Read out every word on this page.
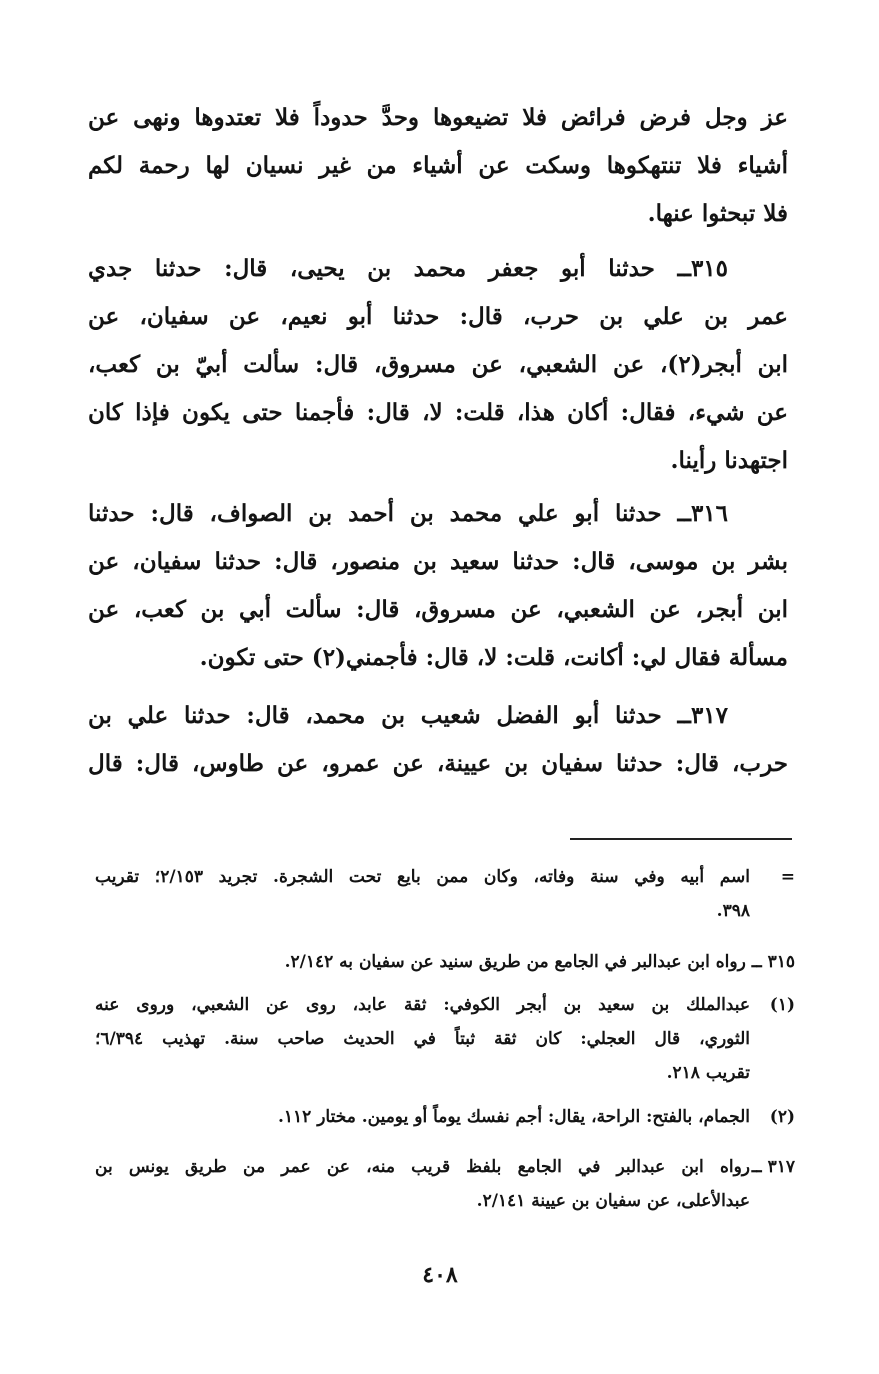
عز وجل فرض فرائض فلا تضيعوها وحدَّ حدوداً فلا تعتدوها ونهى عن
أشياء فلا تنتهكوها وسكت عن أشياء من غير نسيان لها رحمة لكم
فلا تبحثوا عنها.
٣١٥ــ حدثنا أبو جعفر محمد بن يحيى، قال: حدثنا جدي
عمر بن علي بن حرب، قال: حدثنا أبو نعيم، عن سفيان، عن
ابن أبجر(٢)، عن الشعبي، عن مسروق، قال: سألت أبيّ بن كعب،
عن شيء، فقال: أكان هذا، قلت: لا، قال: فأجمنا حتى يكون فإذا كان
اجتهدنا رأينا.
٣١٦ــ حدثنا أبو علي محمد بن أحمد بن الصواف، قال: حدثنا
بشر بن موسى، قال: حدثنا سعيد بن منصور، قال: حدثنا سفيان، عن
ابن أبجر، عن الشعبي، عن مسروق، قال: سألت أبي بن كعب، عن
مسألة فقال لي: أكانت، قلت: لا، قال: فأجمني(٢) حتى تكون.
٣١٧ــ حدثنا أبو الفضل شعيب بن محمد، قال: حدثنا علي بن
حرب، قال: حدثنا سفيان بن عيينة، عن عمرو، عن طاوس، قال: قال
=
اسم أبيه وفي سنة وفاته، وكان ممن بايع تحت الشجرة. تجريد ٢/١٥٣؛ تقريب
٣٩٨.
٣١٥ ــ رواه ابن عبدالبر في الجامع من طريق سنيد عن سفيان به ٢/١٤٢.
(١)
عبدالملك بن سعيد بن أبجر الكوفي: ثقة عابد، روى عن الشعبي، وروى عنه
الثوري، قال العجلي: كان ثقة ثبتاً في الحديث صاحب سنة. تهذيب ٦/٣٩٤؛
تقريب ٢١٨.
(٢)
الجمام، بالفتح: الراحة، يقال: أجم نفسك يوماً أو يومين. مختار ١١٢.
٣١٧ ــ
رواه ابن عبدالبر في الجامع بلفظ قريب منه، عن عمر من طريق يونس بن
عبدالأعلى، عن سفيان بن عيينة ٢/١٤١.
٤٠٨
